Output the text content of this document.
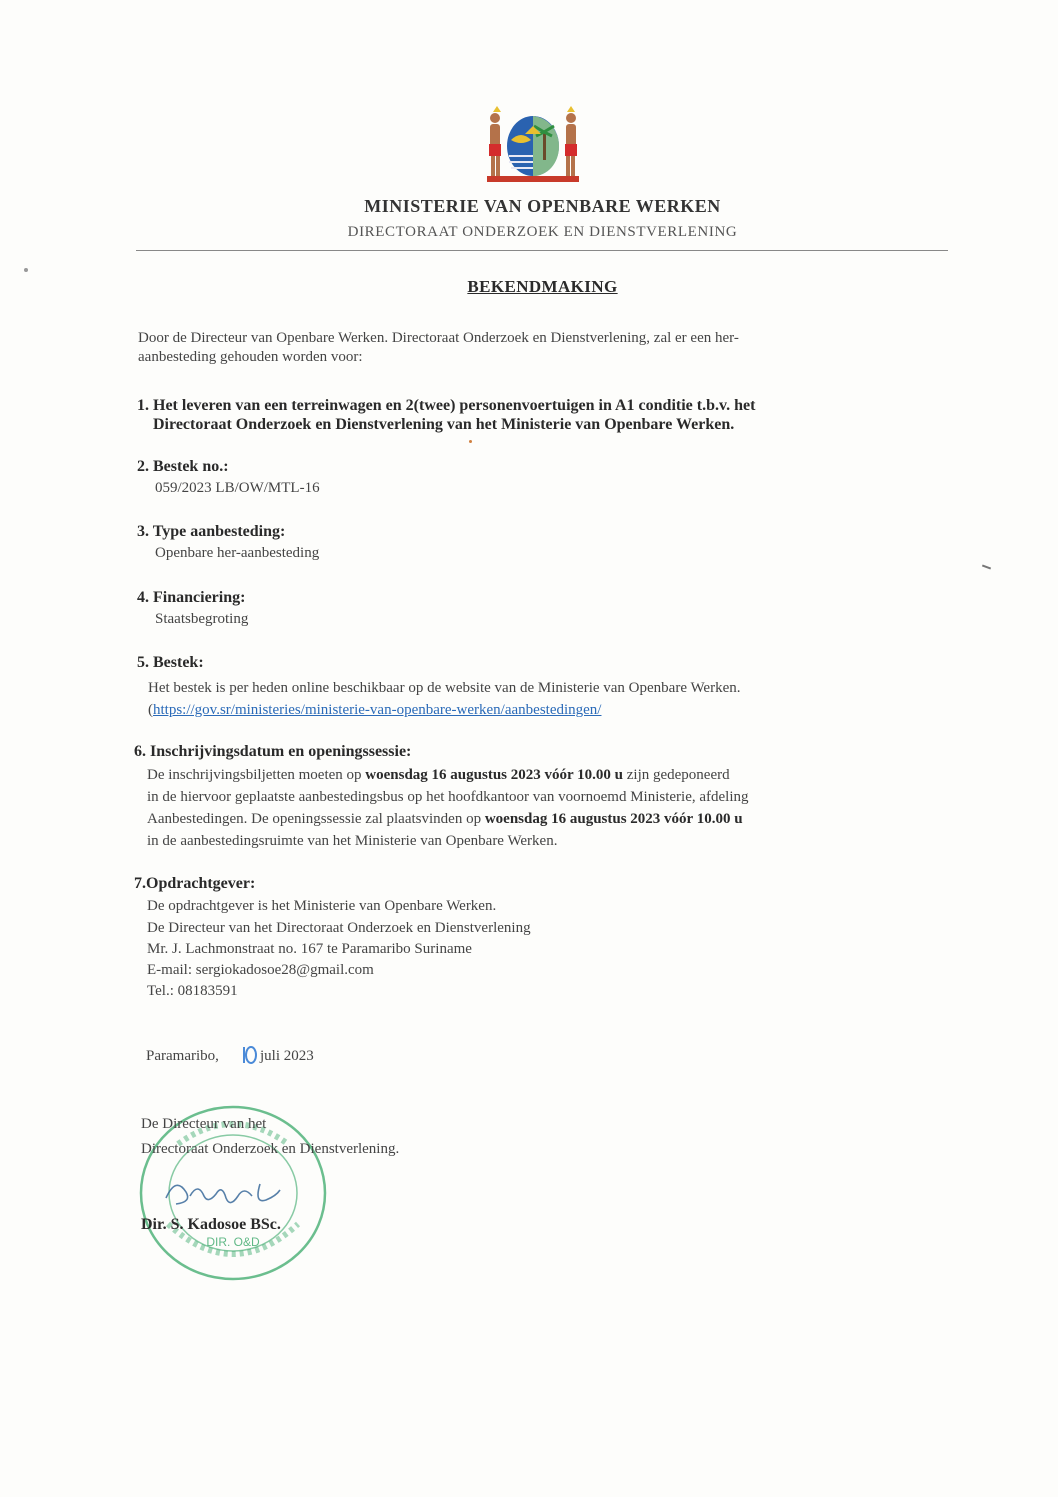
MINISTERIE VAN OPENBARE WERKEN
DIRECTORAAT ONDERZOEK EN DIENSTVERLENING
BEKENDMAKING
Door de Directeur van Openbare Werken. Directoraat Onderzoek en Dienstverlening, zal er een her-
aanbesteding gehouden worden voor:
1. Het leveren van een terreinwagen en 2(twee) personenvoertuigen in A1 conditie t.b.v. het
Directoraat Onderzoek en Dienstverlening van het Ministerie van Openbare Werken.
2. Bestek no.:
059/2023 LB/OW/MTL-16
3. Type aanbesteding:
Openbare her-aanbesteding
4. Financiering:
Staatsbegroting
5. Bestek:
Het bestek is per heden online beschikbaar op de website van de Ministerie van Openbare Werken.
(https://gov.sr/ministeries/ministerie-van-openbare-werken/aanbestedingen/
6. Inschrijvingsdatum en openingssessie:
De inschrijvingsbiljetten moeten op woensdag 16 augustus 2023 vóór 10.00 u zijn gedeponeerd
in de hiervoor geplaatste aanbestedingsbus op het hoofdkantoor van voornoemd Ministerie, afdeling
Aanbestedingen. De openingssessie zal plaatsvinden op woensdag 16 augustus 2023 vóór 10.00 u
in de aanbestedingsruimte van het Ministerie van Openbare Werken.
7.Opdrachtgever:
De opdrachtgever is het Ministerie van Openbare Werken.
De Directeur van het Directoraat Onderzoek en Dienstverlening
Mr. J. Lachmonstraat no. 167 te Paramaribo Suriname
E-mail: sergiokadosoe28@gmail.com
Tel.: 08183591
Paramaribo,	juli 2023
DIR. O&D
De Directeur van het
Directoraat Onderzoek en Dienstverlening.
Dir. S. Kadosoe BSc.
